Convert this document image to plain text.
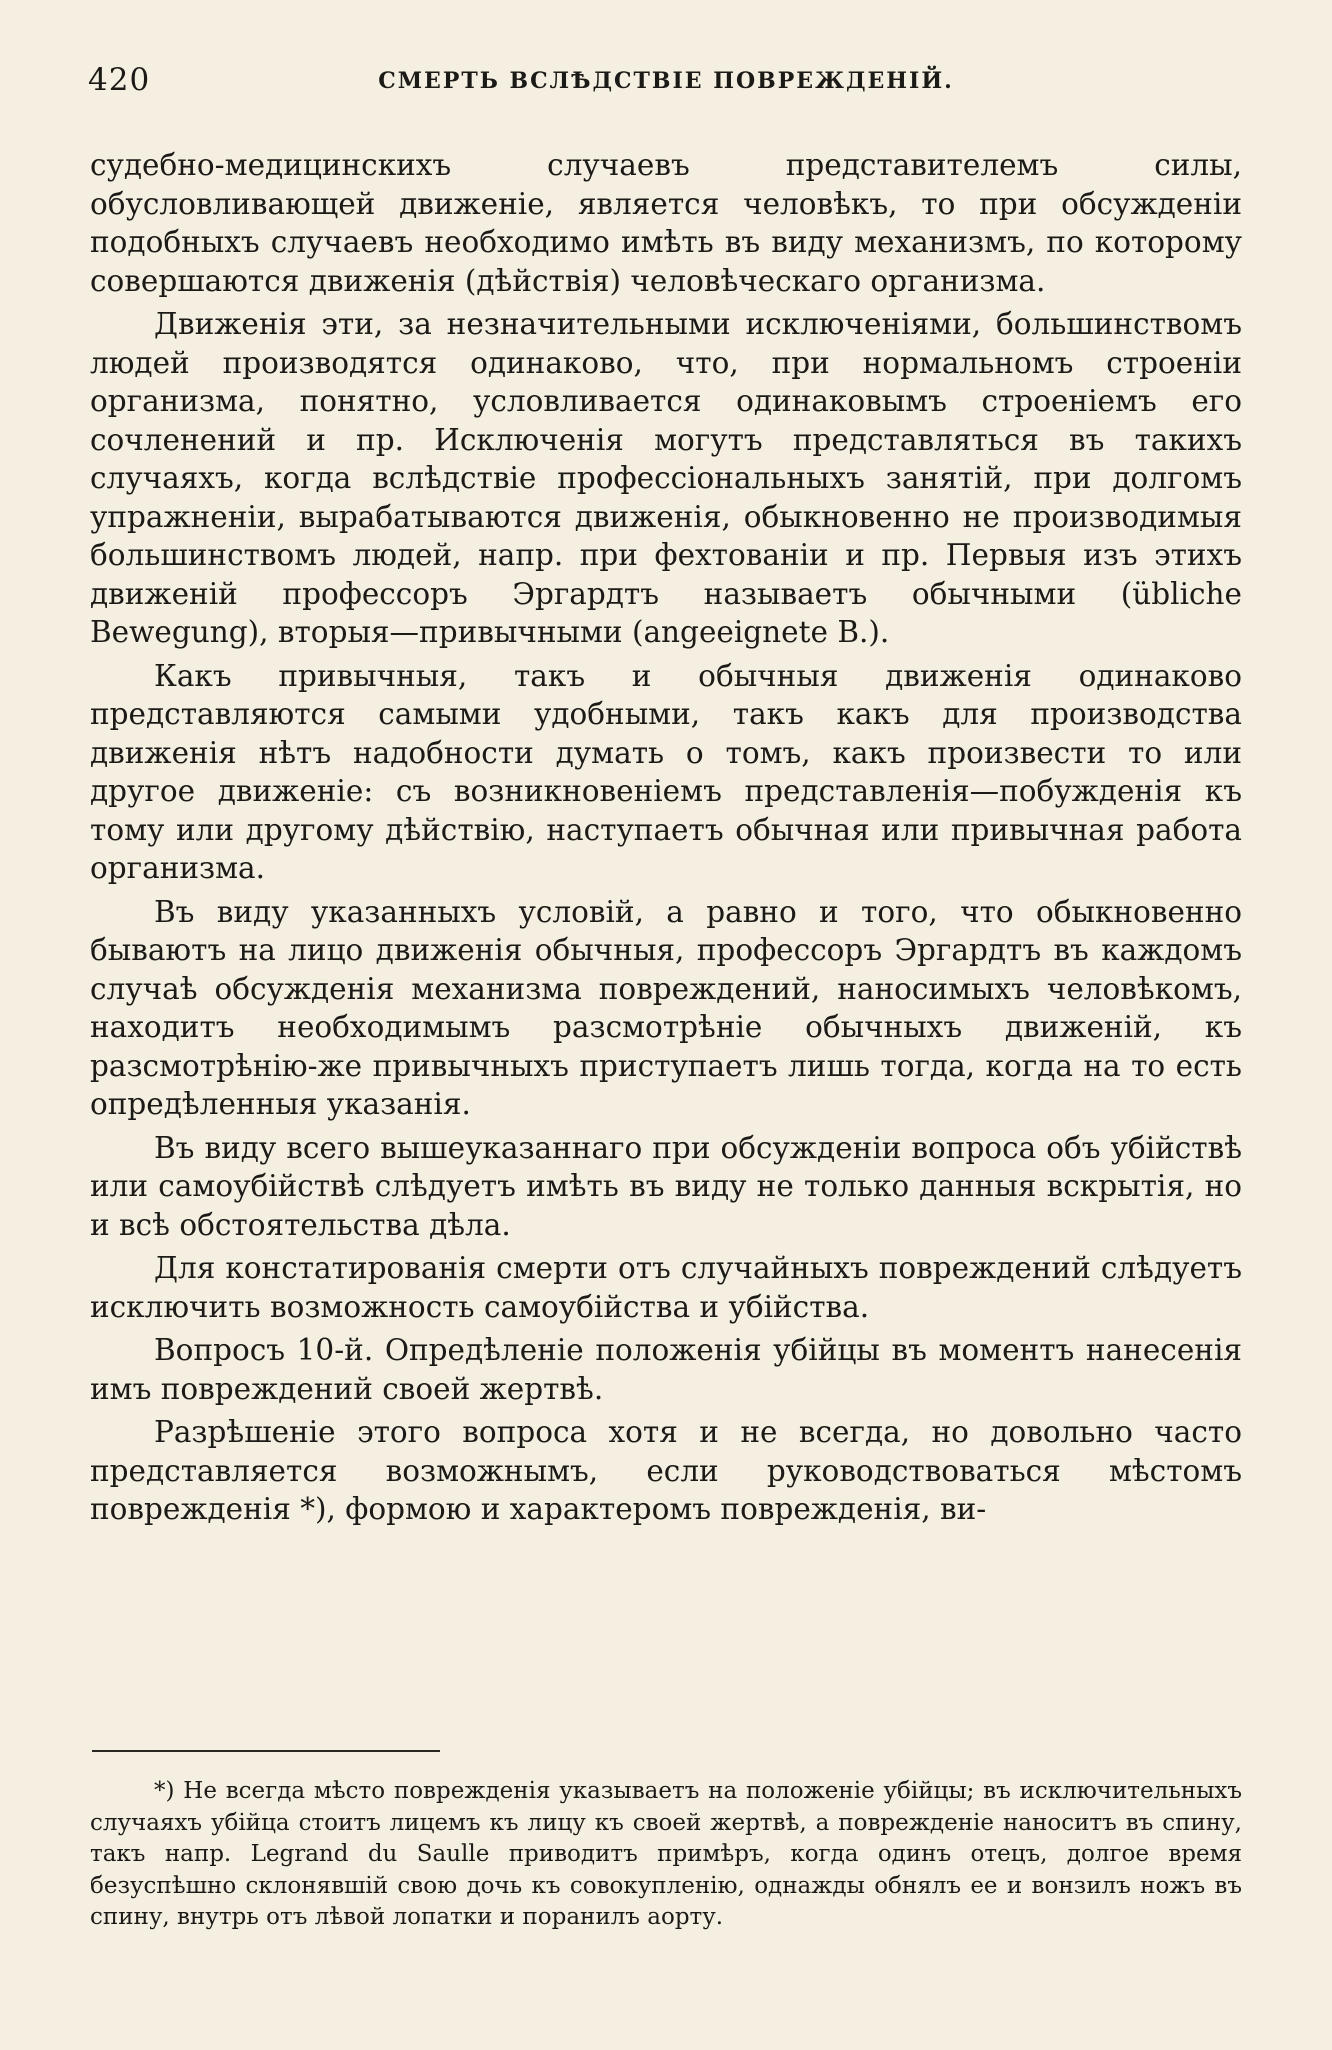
420	СМЕРТЬ ВСЛѢДСТВІЕ ПОВРЕЖДЕНІЙ.

судебно-медицинскихъ случаевъ представителемъ силы, обусловливающей движеніе, является человѣкъ, то при обсужденіи подобныхъ случаевъ необходимо имѣть въ виду механизмъ, по которому совершаются движенія (дѣйствія) человѣческаго организма.

Движенія эти, за незначительными исключеніями, большинствомъ людей производятся одинаково, что, при нормальномъ строеніи организма, понятно, условливается одинаковымъ строеніемъ его сочленений и пр. Исключенія могутъ представляться въ такихъ случаяхъ, когда вслѣдствіе профессіональныхъ занятій, при долгомъ упражненіи, вырабатываются движенія, обыкновенно не производимыя большинствомъ людей, напр. при фехтованіи и пр. Первыя изъ этихъ движеній профессоръ Эргардтъ называетъ обычными (übliche Bewegung), вторыя—привычными (angeeignete B.).

Какъ привычныя, такъ и обычныя движенія одинаково представляются самыми удобными, такъ какъ для производства движенія нѣтъ надобности думать о томъ, какъ произвести то или другое движеніе: съ возникновеніемъ представленія—побужденія къ тому или другому дѣйствію, наступаетъ обычная или привычная работа организма.

Въ виду указанныхъ условій, а равно и того, что обыкновенно бываютъ на лицо движенія обычныя, профессоръ Эргардтъ въ каждомъ случаѣ обсужденія механизма повреждений, наносимыхъ человѣкомъ, находитъ необходимымъ разсмотрѣніе обычныхъ движеній, къ разсмотрѣнію-же привычныхъ приступаетъ лишь тогда, когда на то есть опредѣленныя указанія.

Въ виду всего вышеуказаннаго при обсужденіи вопроса объ убійствѣ или самоубійствѣ слѣдуетъ имѣть въ виду не только данныя вскрытія, но и всѣ обстоятельства дѣла.

Для констатированія смерти отъ случайныхъ повреждений слѣдуетъ исключить возможность самоубійства и убійства.

Вопросъ 10-й. Опредѣленіе положенія убійцы въ моментъ нанесенія имъ повреждений своей жертвѣ.

Разрѣшеніе этого вопроса хотя и не всегда, но довольно часто представляется возможнымъ, если руководствоваться мѣстомъ поврежденія *), формою и характеромъ поврежденія, ви-

*) Не всегда мѣсто поврежденія указываетъ на положеніе убійцы; въ исключительныхъ случаяхъ убійца стоитъ лицемъ къ лицу къ своей жертвѣ, а поврежденіе наноситъ въ спину, такъ напр. Legrand du Saulle приводитъ примѣръ, когда одинъ отецъ, долгое время безуспѣшно склонявшій свою дочь къ совокупленію, однажды обнялъ ее и вонзилъ ножъ въ спину, внутрь отъ лѣвой лопатки и поранилъ аорту.
